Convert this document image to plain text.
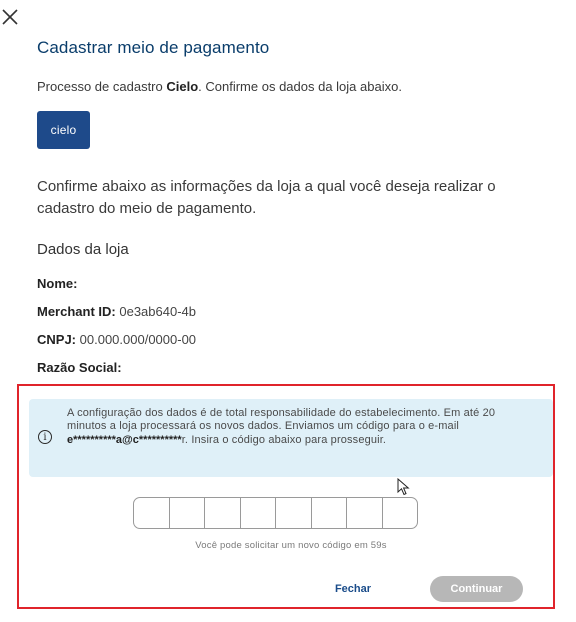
Cadastrar meio de pagamento
Processo de cadastro Cielo. Confirme os dados da loja abaixo.
cielo
Confirme abaixo as informações da loja a qual você deseja realizar o cadastro do meio de pagamento.
Dados da loja
Nome:
Merchant ID: 0e3ab640-4b
CNPJ: 00.000.000/0000-00
Razão Social:
i
A configuração dos dados é de total responsabilidade do estabelecimento. Em até 20 minutos a loja processará os novos dados. Enviamos um código para o e-mail e**********a@c**********r. Insira o código abaixo para prosseguir.
Você pode solicitar um novo código em 59s
Fechar	Continuar
